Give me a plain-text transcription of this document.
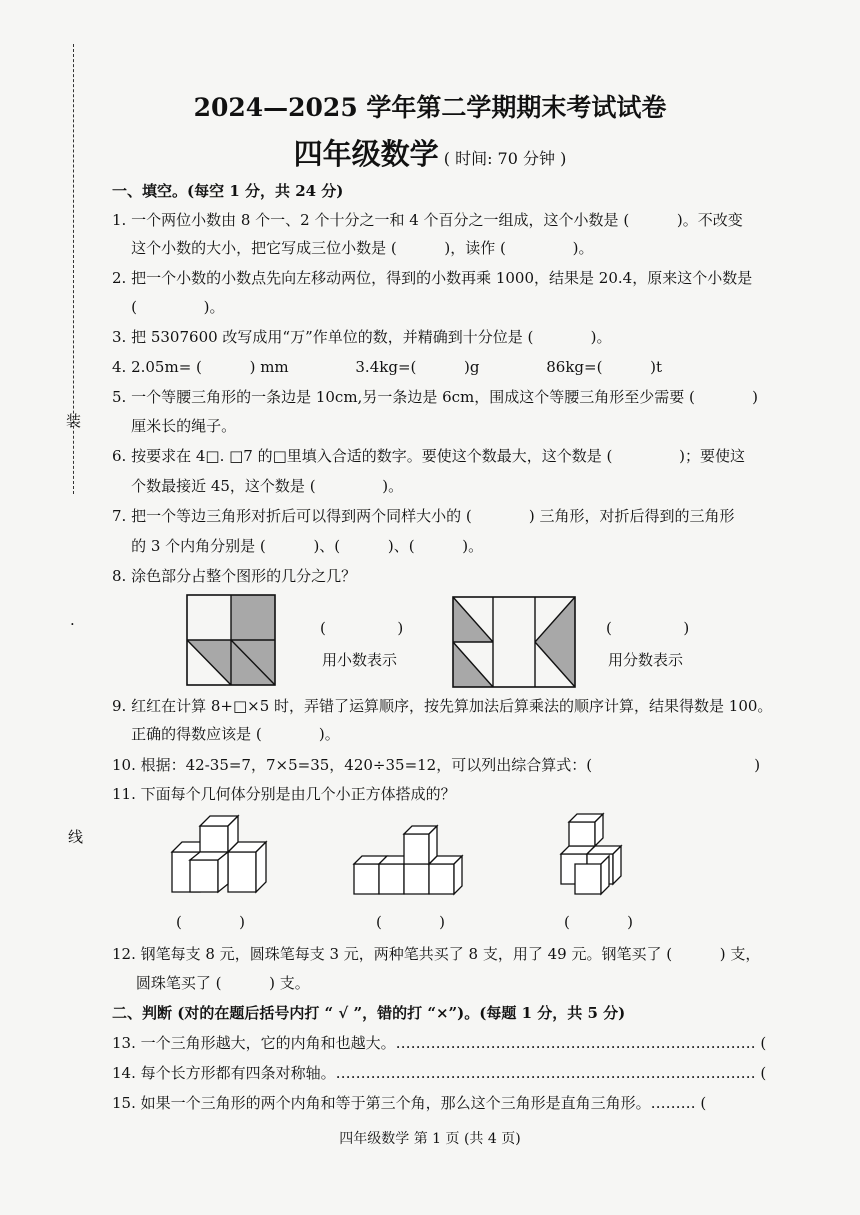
装
·
线
2024—2025 学年第二学期期末考试试卷
四年级数学 ( 时间: 70 分钟 )
一、填空。(每空 1 分，共 24 分)
1. 一个两位小数由 8 个一、2 个十分之一和 4 个百分之一组成，这个小数是 (          )。不改变
这个小数的大小，把它写成三位小数是 (          )，读作 (              )。
2. 把一个小数的小数点先向左移动两位，得到的小数再乘 1000，结果是 20.4，原来这个小数是
(              )。
3. 把 5307600 改写成用“万”作单位的数，并精确到十分位是 (            )。
4. 2.05m= (          ) mm              3.4kg=(          )g              86kg=(          )t
5. 一个等腰三角形的一条边是 10cm,另一条边是 6cm，围成这个等腰三角形至少需要 (            )
厘米长的绳子。
6. 按要求在 4□. □7 的□里填入合适的数字。要使这个数最大，这个数是 (              )；要使这
个数最接近 45，这个数是 (              )。
7. 把一个等边三角形对折后可以得到两个同样大小的 (            ) 三角形，对折后得到的三角形
的 3 个内角分别是 (          )、(          )、(          )。
8. 涂色部分占整个图形的几分之几？
(               )
用小数表示
(               )
用分数表示
9. 红红在计算 8+□×5 时，弄错了运算顺序，按先算加法后算乘法的顺序计算，结果得数是 100。
正确的得数应该是 (            )。
10. 根据：42-35=7，7×5=35，420÷35=12，可以列出综合算式：(                                  )
11. 下面每个几何体分别是由几个小正方体搭成的？
(            )	(            )	(            )
12. 钢笔每支 8 元，圆珠笔每支 3 元，两种笔共买了 8 支，用了 49 元。钢笔买了 (          ) 支，
圆珠笔买了 (          ) 支。
二、判断 (对的在题后括号内打 “ √ ”，错的打 “×”)。(每题 1 分，共 5 分)
13. 一个三角形越大，它的内角和也越大。……………………………………………………………… (
14. 每个长方形都有四条对称轴。………………………………………………………………………… (
15. 如果一个三角形的两个内角和等于第三个角，那么这个三角形是直角三角形。……… (
四年级数学 第 1 页 (共 4 页)
